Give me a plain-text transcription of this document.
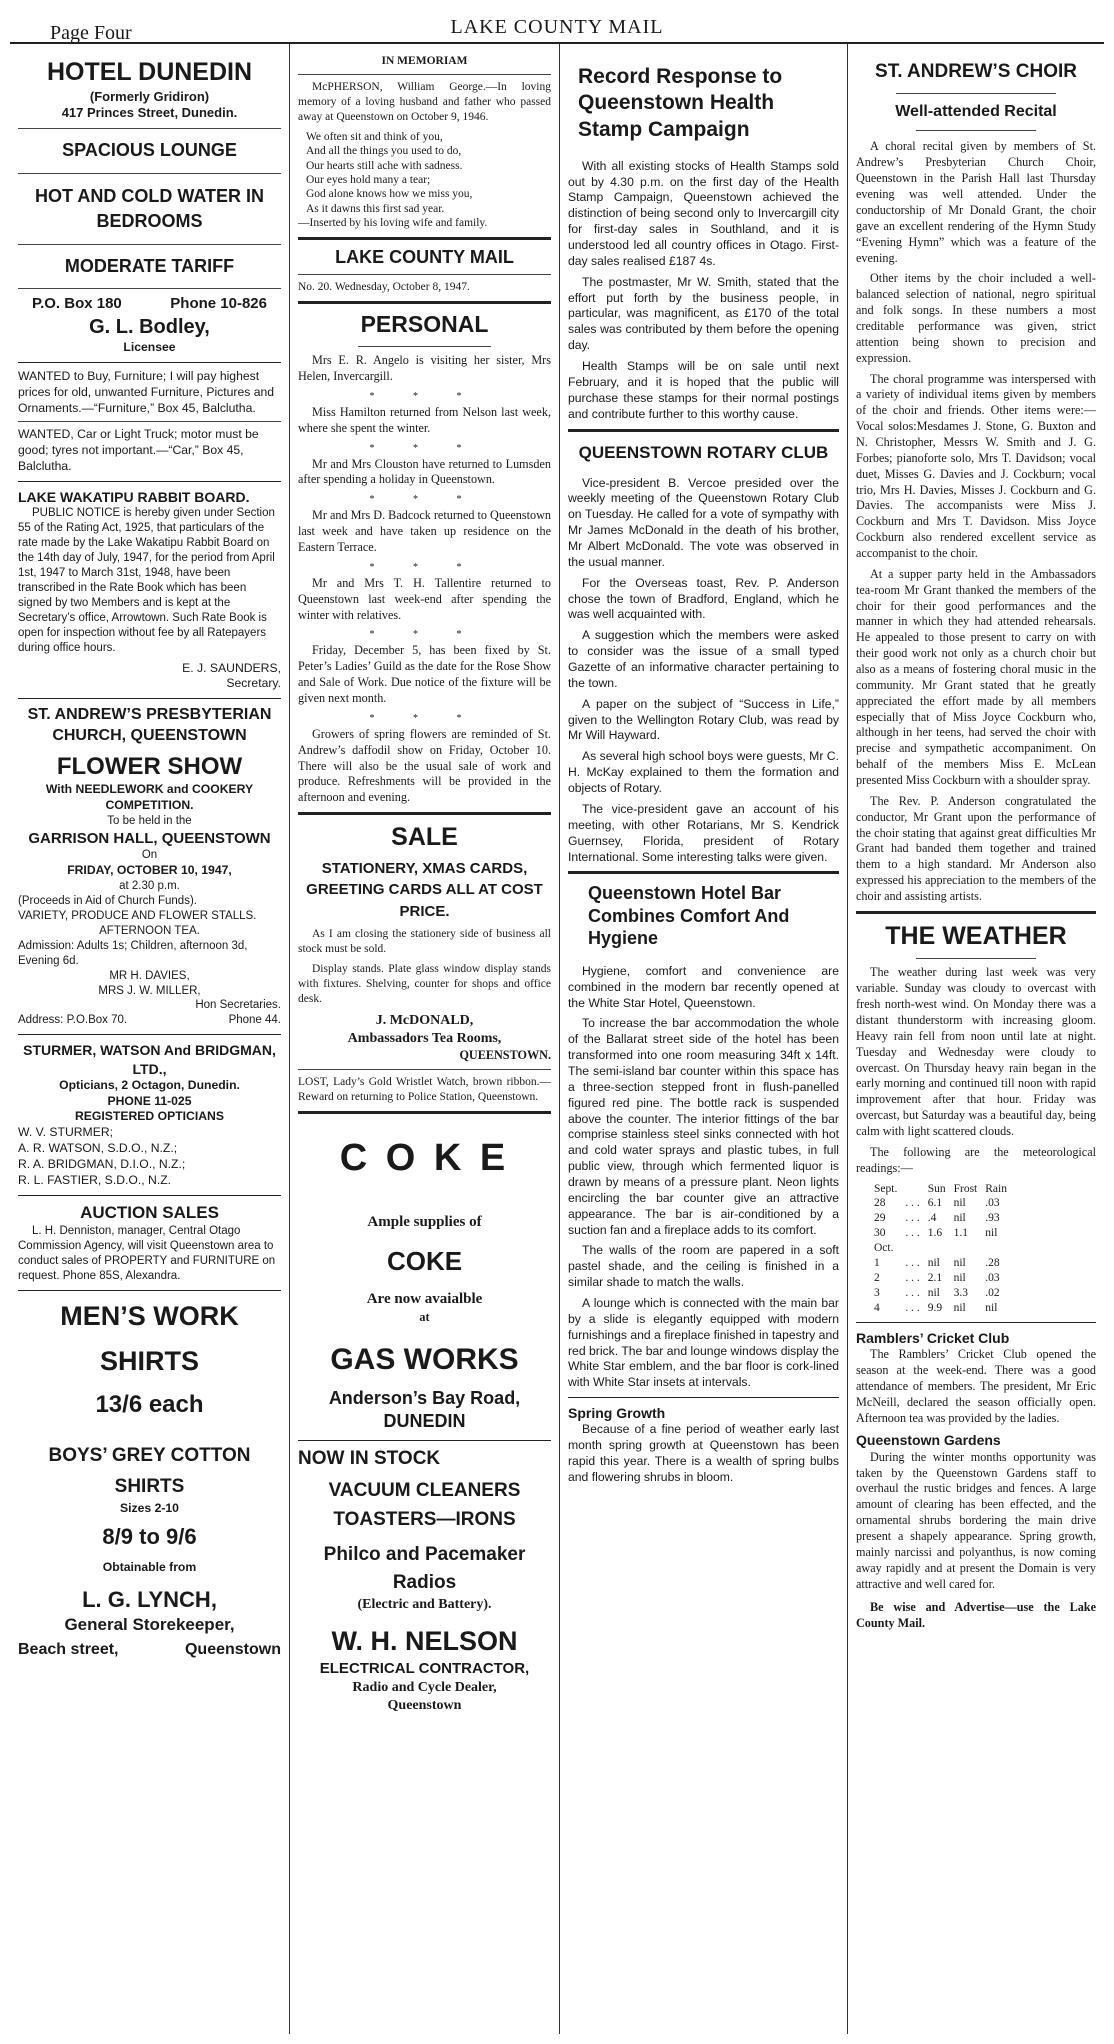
LAKE COUNTY MAIL
Page Four
HOTEL DUNEDIN
(Formerly Gridiron)
417 Princes Street, Dunedin.
SPACIOUS LOUNGE
HOT AND COLD WATER IN BEDROOMS
MODERATE TARIFF
P.O. Box 180	Phone 10-826
G. L. Bodley,
Licensee
WANTED to Buy, Furniture; I will pay highest prices for old, unwanted Furniture, Pictures and Ornaments.—“Furniture,” Box 45, Balclutha.
WANTED, Car or Light Truck; motor must be good; tyres not important.—“Car,” Box 45, Balclutha.
LAKE WAKATIPU RABBIT BOARD.
PUBLIC NOTICE is hereby given under Section 55 of the Rating Act, 1925, that particulars of the rate made by the Lake Wakatipu Rabbit Board on the 14th day of July, 1947, for the period from April 1st, 1947 to March 31st, 1948, have been transcribed in the Rate Book which has been signed by two Members and is kept at the Secretary’s office, Arrowtown. Such Rate Book is open for inspection without fee by all Ratepayers during office hours.
E. J. SAUNDERS,
Secretary.
ST. ANDREW’S PRESBYTERIAN CHURCH, QUEENSTOWN
FLOWER SHOW
With NEEDLEWORK and COOKERY COMPETITION.
To be held in the
GARRISON HALL, QUEENSTOWN
On
FRIDAY, OCTOBER 10, 1947,
at 2.30 p.m.
(Proceeds in Aid of Church Funds).
VARIETY, PRODUCE AND FLOWER STALLS.
AFTERNOON TEA.
Admission: Adults 1s; Children, afternoon 3d, Evening 6d.
MR H. DAVIES,
MRS J. W. MILLER,
Hon Secretaries.
Address: P.O.Box 70.	Phone 44.
STURMER, WATSON And BRIDGMAN, LTD.,
Opticians, 2 Octagon, Dunedin.
PHONE 11-025
REGISTERED OPTICIANS
W. V. STURMER;
A. R. WATSON, S.D.O., N.Z.;
R. A. BRIDGMAN, D.I.O., N.Z.;
R. L. FASTIER, S.D.O., N.Z.
AUCTION SALES
L. H. Denniston, manager, Central Otago Commission Agency, will visit Queenstown area to conduct sales of PROPERTY and FURNITURE on request. Phone 85S, Alexandra.
MEN’S WORK
SHIRTS
13/6 each
BOYS’ GREY COTTON
SHIRTS
Sizes 2-10
8/9 to 9/6
Obtainable from
L. G. LYNCH,
General Storekeeper,
Beach street,	Queenstown
IN MEMORIAM
McPHERSON, William George.—In loving memory of a loving husband and father who passed away at Queenstown on October 9, 1946.
We often sit and think of you,
And all the things you used to do,
Our hearts still ache with sadness.
Our eyes hold many a tear;
God alone knows how we miss you,
As it dawns this first sad year.
—Inserted by his loving wife and family.
LAKE COUNTY MAIL
No. 20. Wednesday, October 8, 1947.
PERSONAL
Mrs E. R. Angelo is visiting her sister, Mrs Helen, Invercargill.
* * *
Miss Hamilton returned from Nelson last week, where she spent the winter.
* * *
Mr and Mrs Clouston have returned to Lumsden after spending a holiday in Queenstown.
* * *
Mr and Mrs D. Badcock returned to Queenstown last week and have taken up residence on the Eastern Terrace.
* * *
Mr and Mrs T. H. Tallentire returned to Queenstown last week-end after spending the winter with relatives.
* * *
Friday, December 5, has been fixed by St. Peter’s Ladies’ Guild as the date for the Rose Show and Sale of Work. Due notice of the fixture will be given next month.
* * *
Growers of spring flowers are reminded of St. Andrew’s daffodil show on Friday, October 10. There will also be the usual sale of work and produce. Refreshments will be provided in the afternoon and evening.
SALE
STATIONERY, XMAS CARDS, GREETING CARDS ALL AT COST PRICE.
As I am closing the stationery side of business all stock must be sold.
Display stands. Plate glass window display stands with fixtures. Shelving, counter for shops and office desk.
J. McDONALD,
Ambassadors Tea Rooms,
QUEENSTOWN.
LOST, Lady’s Gold Wristlet Watch, brown ribbon.—Reward on returning to Police Station, Queenstown.
C O K E
Ample supplies of
COKE
Are now avaialble
at
GAS WORKS
Anderson’s Bay Road,
DUNEDIN
NOW IN STOCK
VACUUM CLEANERS
TOASTERS—IRONS
Philco and Pacemaker
Radios
(Electric and Battery).
W. H. NELSON
ELECTRICAL CONTRACTOR,
Radio and Cycle Dealer,
Queenstown
Record Response to Queenstown Health Stamp Campaign
With all existing stocks of Health Stamps sold out by 4.30 p.m. on the first day of the Health Stamp Campaign, Queenstown achieved the distinction of being second only to Invercargill city for first-day sales in Southland, and it is understood led all country offices in Otago. First-day sales realised £187 4s.
The postmaster, Mr W. Smith, stated that the effort put forth by the business people, in particular, was magnificent, as £170 of the total sales was contributed by them before the opening day.
Health Stamps will be on sale until next February, and it is hoped that the public will purchase these stamps for their normal postings and contribute further to this worthy cause.
QUEENSTOWN ROTARY CLUB
Vice-president B. Vercoe presided over the weekly meeting of the Queenstown Rotary Club on Tuesday. He called for a vote of sympathy with Mr James McDonald in the death of his brother, Mr Albert McDonald. The vote was observed in the usual manner.
For the Overseas toast, Rev. P. Anderson chose the town of Bradford, England, which he was well acquainted with.
A suggestion which the members were asked to consider was the issue of a small typed Gazette of an informative character pertaining to the town.
A paper on the subject of “Success in Life,” given to the Wellington Rotary Club, was read by Mr Will Hayward.
As several high school boys were guests, Mr C. H. McKay explained to them the formation and objects of Rotary.
The vice-president gave an account of his meeting, with other Rotarians, Mr S. Kendrick Guernsey, Florida, president of Rotary International. Some interesting talks were given.
Queenstown Hotel Bar Combines Comfort And Hygiene
Hygiene, comfort and convenience are combined in the modern bar recently opened at the White Star Hotel, Queenstown.
To increase the bar accommodation the whole of the Ballarat street side of the hotel has been transformed into one room measuring 34ft x 14ft. The semi-island bar counter within this space has a three-section stepped front in flush-panelled figured red pine. The bottle rack is suspended above the counter. The interior fittings of the bar comprise stainless steel sinks connected with hot and cold water sprays and plastic tubes, in full public view, through which fermented liquor is drawn by means of a pressure plant. Neon lights encircling the bar counter give an attractive appearance. The bar is air-conditioned by a suction fan and a fireplace adds to its comfort.
The walls of the room are papered in a soft pastel shade, and the ceiling is finished in a similar shade to match the walls.
A lounge which is connected with the main bar by a slide is elegantly equipped with modern furnishings and a fireplace finished in tapestry and red brick. The bar and lounge windows display the White Star emblem, and the bar floor is cork-lined with White Star insets at intervals.
Spring Growth
Because of a fine period of weather early last month spring growth at Queenstown has been rapid this year. There is a wealth of spring bulbs and flowering shrubs in bloom.
ST. ANDREW’S CHOIR
Well-attended Recital
A choral recital given by members of St. Andrew’s Presbyterian Church Choir, Queenstown in the Parish Hall last Thursday evening was well attended. Under the conductorship of Mr Donald Grant, the choir gave an excellent rendering of the Hymn Study “Evening Hymn” which was a feature of the evening.
Other items by the choir included a well-balanced selection of national, negro spiritual and folk songs. In these numbers a most creditable performance was given, strict attention being shown to precision and expression.
The choral programme was interspersed with a variety of individual items given by members of the choir and friends. Other items were:—Vocal solos:Mesdames J. Stone, G. Buxton and N. Christopher, Messrs W. Smith and J. G. Forbes; pianoforte solo, Mrs T. Davidson; vocal duet, Misses G. Davies and J. Cockburn; vocal trio, Mrs H. Davies, Misses J. Cockburn and G. Davies. The accompanists were Miss J. Cockburn and Mrs T. Davidson. Miss Joyce Cockburn also rendered excellent service as accompanist to the choir.
At a supper party held in the Ambassadors tea-room Mr Grant thanked the members of the choir for their good performances and the manner in which they had attended rehearsals. He appealed to those present to carry on with their good work not only as a church choir but also as a means of fostering choral music in the community. Mr Grant stated that he greatly appreciated the effort made by all members especially that of Miss Joyce Cockburn who, although in her teens, had served the choir with precise and sympathetic accompaniment. On behalf of the members Miss E. McLean presented Miss Cockburn with a shoulder spray.
The Rev. P. Anderson congratulated the conductor, Mr Grant upon the performance of the choir stating that against great difficulties Mr Grant had banded them together and trained them to a high standard. Mr Anderson also expressed his appreciation to the members of the choir and assisting artists.
THE WEATHER
The weather during last week was very variable. Sunday was cloudy to overcast with fresh north-west wind. On Monday there was a distant thunderstorm with increasing gloom. Heavy rain fell from noon until late at night. Tuesday and Wednesday were cloudy to overcast. On Thursday heavy rain began in the early morning and continued till noon with rapid improvement after that hour. Friday was overcast, but Saturday was a beautiful day, being calm with light scattered clouds.
The following are the meteorological readings:—
Sept.		Sun	Frost	Rain
28	. . .	6.1	nil	.03
29	. . .	.4	nil	.93
30	. . .	1.6	1.1	nil
Oct.				
1	. . .	nil	nil	.28
2	. . .	2.1	nil	.03
3	. . .	nil	3.3	.02
4	. . .	9.9	nil	nil
Ramblers’ Cricket Club
The Ramblers’ Cricket Club opened the season at the week-end. There was a good attendance of members. The president, Mr Eric McNeill, declared the season officially open. Afternoon tea was provided by the ladies.
Queenstown Gardens
During the winter months opportunity was taken by the Queenstown Gardens staff to overhaul the rustic bridges and fences. A large amount of clearing has been effected, and the ornamental shrubs bordering the main drive present a shapely appearance. Spring growth, mainly narcissi and polyanthus, is now coming away rapidly and at present the Domain is very attractive and well cared for.
Be wise and Advertise—use the Lake County Mail.
